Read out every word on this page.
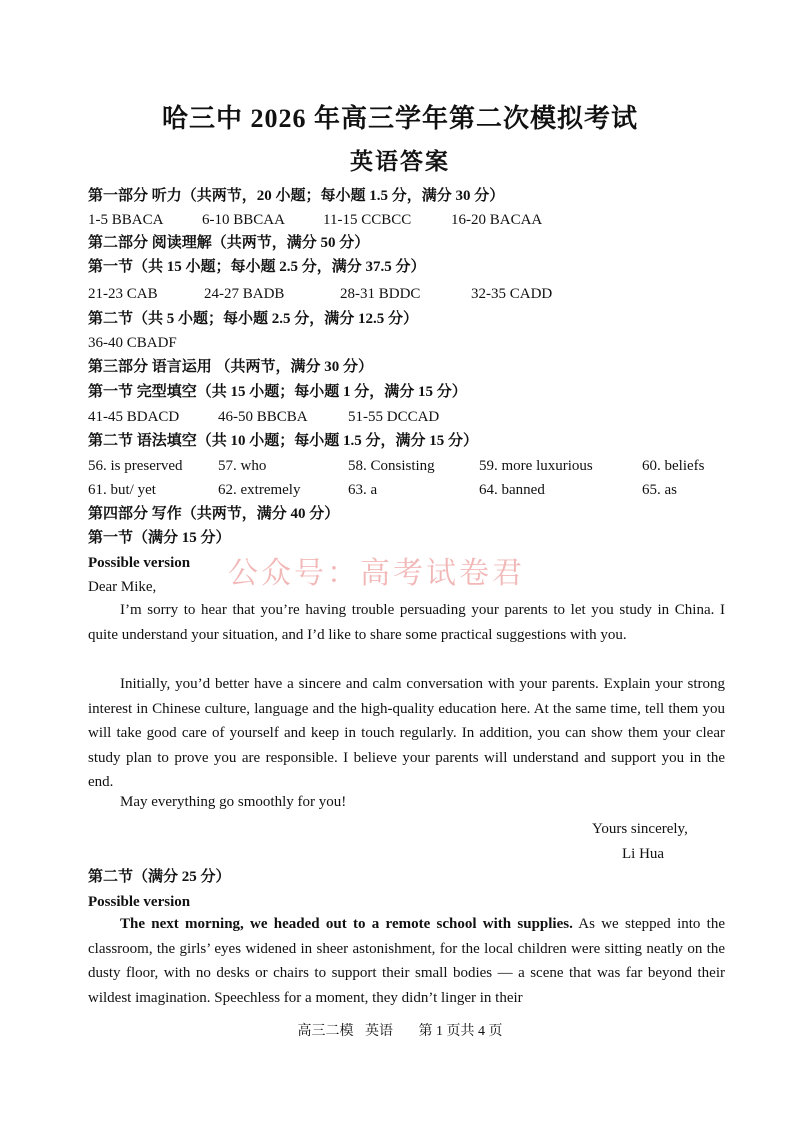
哈三中 2026 年高三学年第二次模拟考试
英语答案
第一部分 听力（共两节，20 小题；每小题 1.5 分，满分 30 分）
1-5 BBACA	6-10 BBCAA	11-15 CCBCC	16-20 BACAA
第二部分 阅读理解（共两节，满分 50 分）
第一节（共 15 小题；每小题 2.5 分，满分 37.5 分）
21-23 CAB	24-27 BADB	28-31 BDDC	32-35 CADD
第二节（共 5 小题；每小题 2.5 分，满分 12.5 分）
36-40 CBADF
第三部分 语言运用 （共两节，满分 30 分）
第一节 完型填空（共 15 小题；每小题 1 分，满分 15 分）
41-45 BDACD	46-50 BBCBA	51-55 DCCAD
第二节 语法填空（共 10 小题；每小题 1.5 分，满分 15 分）
56. is preserved 57. who	58. Consisting	59. more luxurious	60. beliefs
61. but/ yet	62. extremely	63. a	64. banned	65. as
第四部分 写作（共两节，满分 40 分）
第一节（满分 15 分）
Possible version 公众号：高考试卷君
Dear Mike,

I’m sorry to hear that you’re having trouble persuading your parents to let you study in China. I quite understand your situation, and I’d like to share some practical suggestions with you.

Initially, you’d better have a sincere and calm conversation with your parents. Explain your strong interest in Chinese culture, language and the high-quality education here. At the same time, tell them you will take good care of yourself and keep in touch regularly. In addition, you can show them your clear study plan to prove you are responsible. I believe your parents will understand and support you in the end.

May everything go smoothly for you!

Yours sincerely,
Li Hua
第二节（满分 25 分）
Possible version

The next morning, we headed out to a remote school with supplies. As we stepped into the classroom, the girls’ eyes widened in sheer astonishment, for the local children were sitting neatly on the dusty floor, with no desks or chairs to support their small bodies — a scene that was far beyond their wildest imagination. Speechless for a moment, they didn’t linger in their

高三二模 英语 第 1 页共 4 页
